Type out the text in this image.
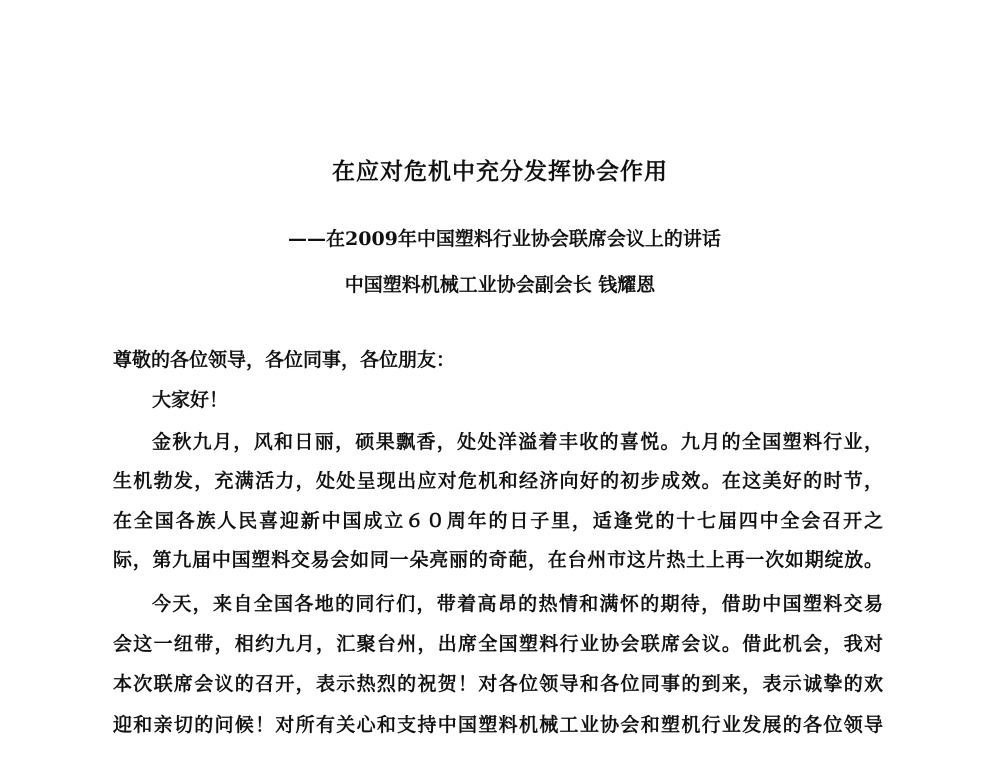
在应对危机中充分发挥协会作用
——在2009年中国塑料行业协会联席会议上的讲话
中国塑料机械工业协会副会长 钱耀恩
尊敬的各位领导，各位同事，各位朋友：
大家好！
金秋九月，风和日丽，硕果飘香，处处洋溢着丰收的喜悦。九月的全国塑料行业，
生机勃发，充满活力，处处呈现出应对危机和经济向好的初步成效。在这美好的时节，
在全国各族人民喜迎新中国成立６０周年的日子里，适逢党的十七届四中全会召开之
际，第九届中国塑料交易会如同一朵亮丽的奇葩，在台州市这片热土上再一次如期绽放。
今天，来自全国各地的同行们，带着高昂的热情和满怀的期待，借助中国塑料交易
会这一纽带，相约九月，汇聚台州，出席全国塑料行业协会联席会议。借此机会，我对
本次联席会议的召开，表示热烈的祝贺！对各位领导和各位同事的到来，表示诚挚的欢
迎和亲切的问候！对所有关心和支持中国塑料机械工业协会和塑机行业发展的各位领导
